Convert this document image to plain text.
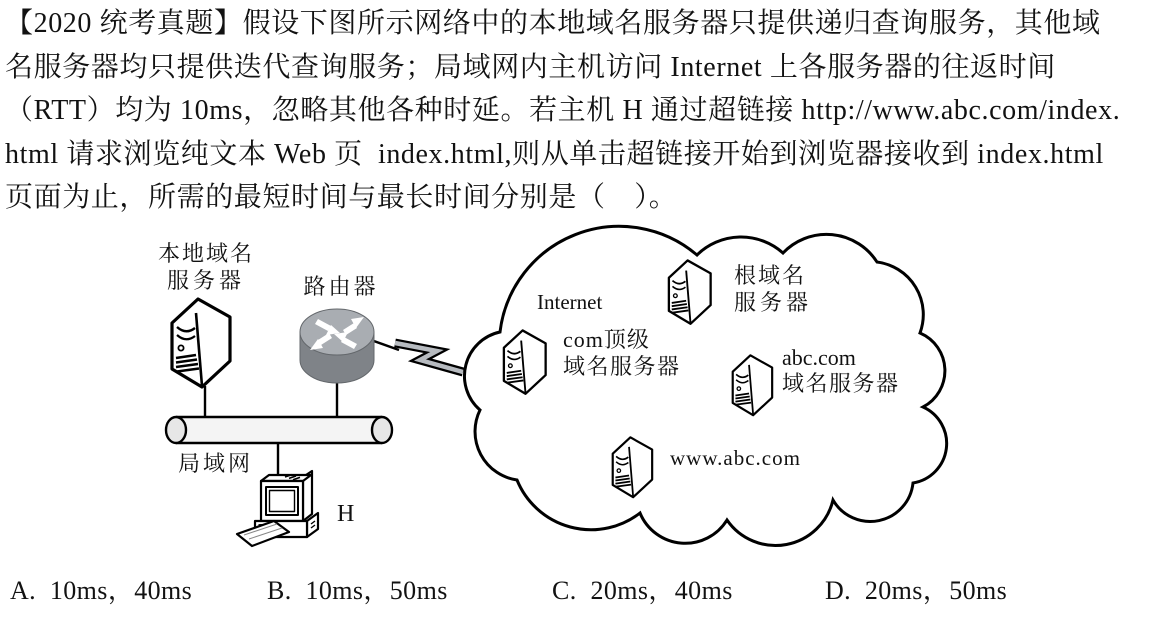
【2020 统考真题】假设下图所示网络中的本地域名服务器只提供递归查询服务，其他域
名服务器均只提供迭代查询服务；局域网内主机访问 Internet 上各服务器的往返时间
（RTT）均为 10ms，忽略其他各种时延。若主机 H 通过超链接 http://www.abc.com/index.
html 请求浏览纯文本 Web 页  index.html,则从单击超链接开始到浏览器接收到 index.html
页面为止，所需的最短时间与最长时间分别是（　）。
本地域名
服务器	路由器
局域网
H
Internet
根域名
服务器
com顶级
域名服务器	abc.com
域名服务器
www.abc.com
A.  10ms，40ms	B.  10ms，50ms	C.  20ms，40ms	D.  20ms，50ms
